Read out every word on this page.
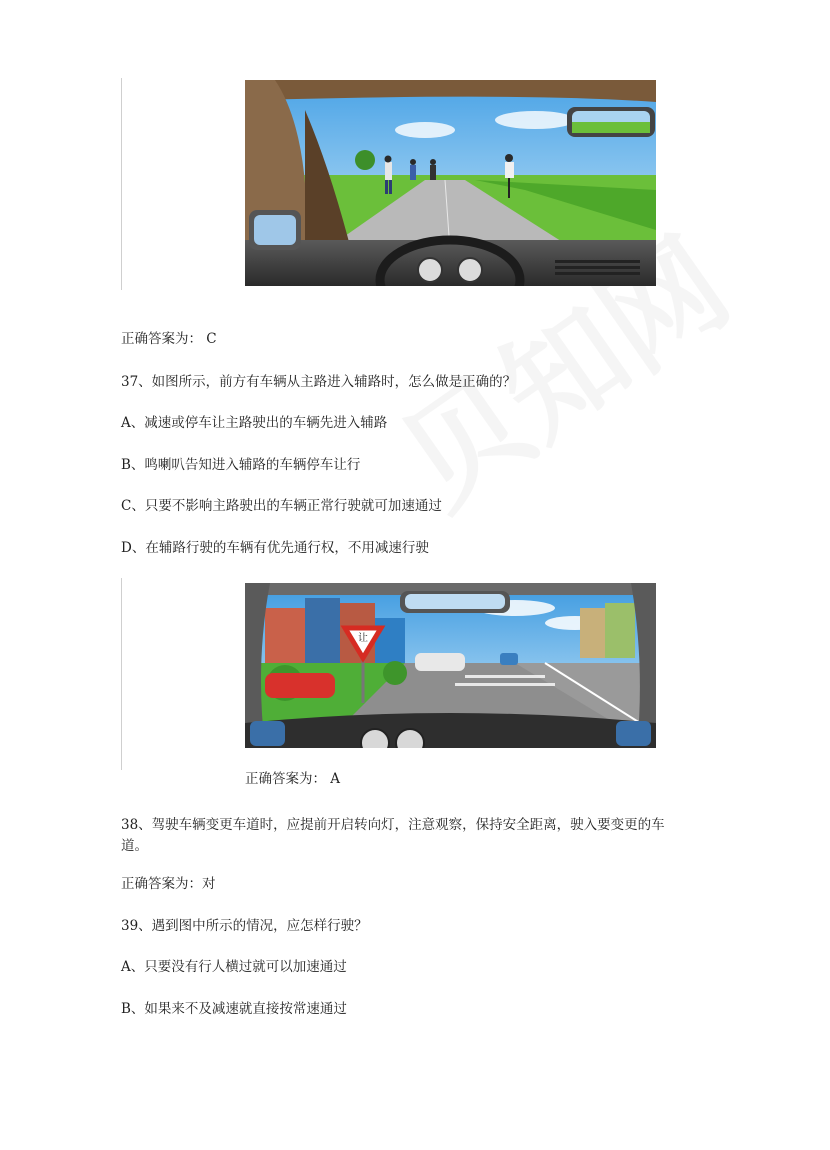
正确答案为： C
37、如图所示，前方有车辆从主路进入辅路时，怎么做是正确的？
A、减速或停车让主路驶出的车辆先进入辅路
B、鸣喇叭告知进入辅路的车辆停车让行
C、只要不影响主路驶出的车辆正常行驶就可加速通过
D、在辅路行驶的车辆有优先通行权，不用减速行驶
让
正确答案为： A
38、驾驶车辆变更车道时，应提前开启转向灯，注意观察，保持安全距离，驶入要变更的车
道。
正确答案为：对
39、遇到图中所示的情况，应怎样行驶？
A、只要没有行人横过就可以加速通过
B、如果来不及减速就直接按常速通过
